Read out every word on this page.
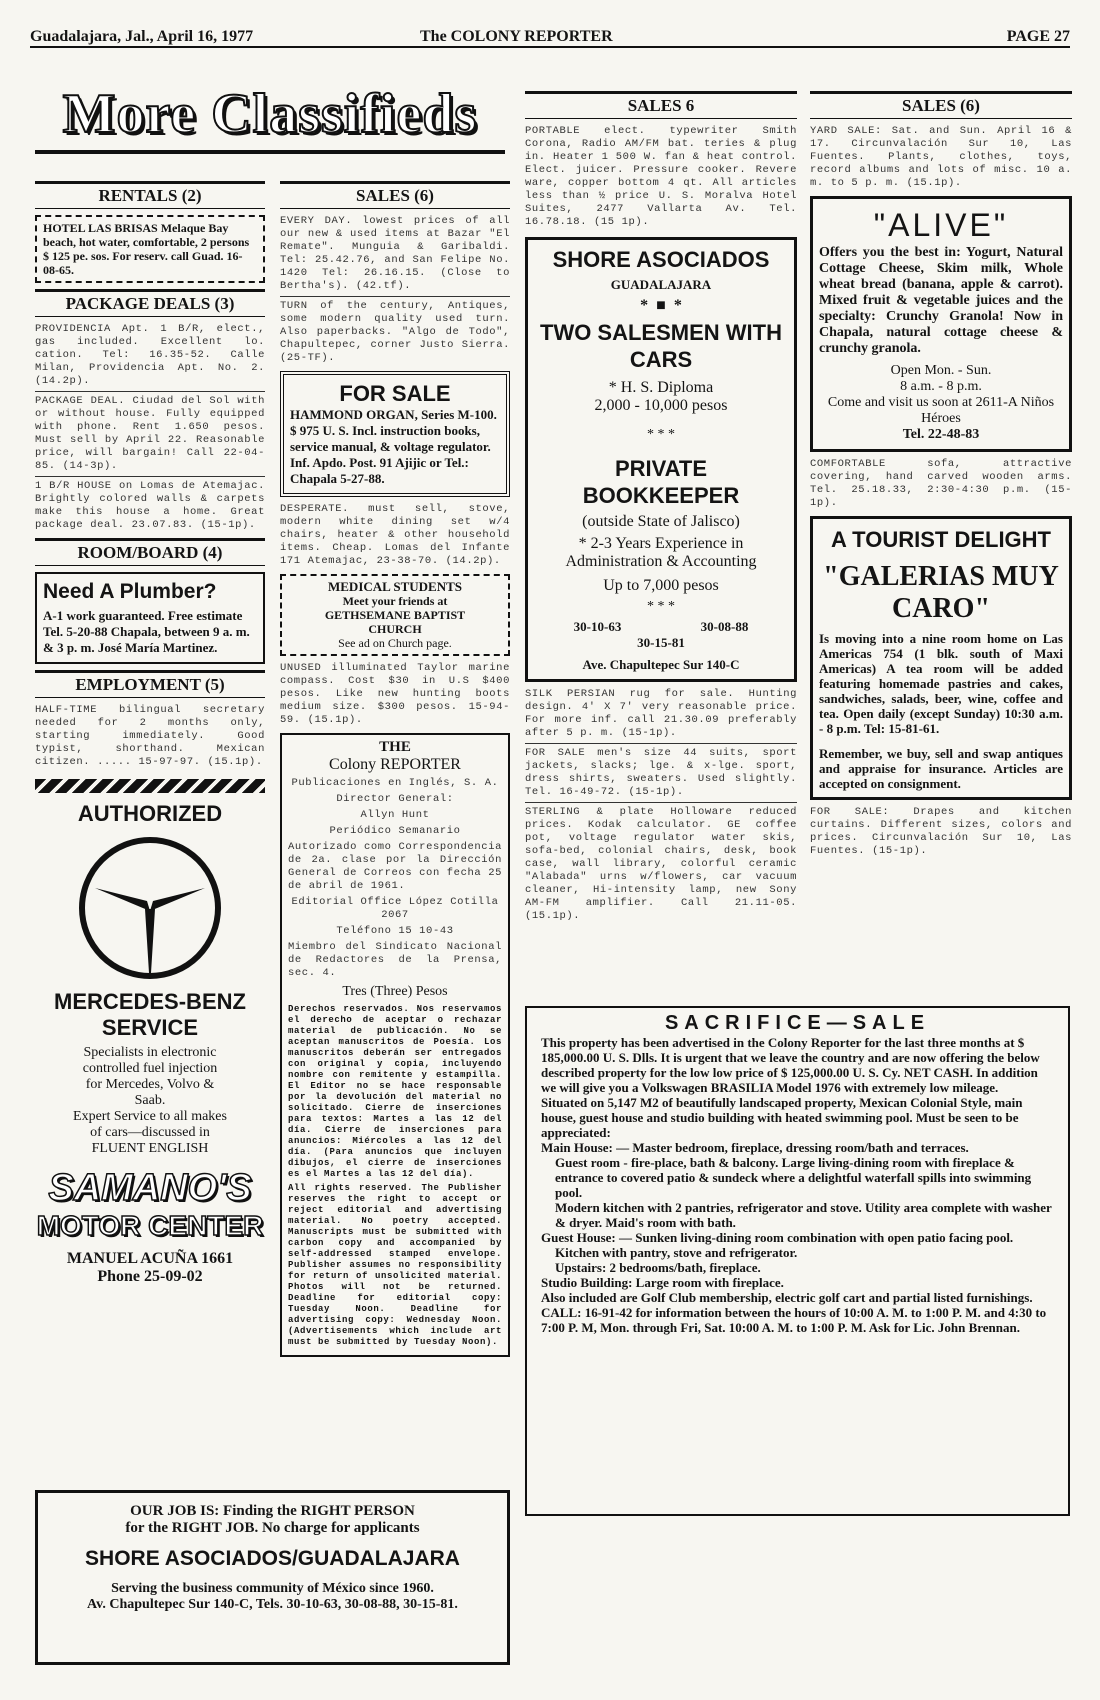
Guadalajara, Jal., April 16, 1977	The COLONY REPORTER	PAGE 27
More Classifieds
RENTALS (2)
HOTEL LAS BRISAS Melaque Bay beach, hot water, comfortable, 2 persons $ 125 pe. sos. For reserv. call Guad. 16-08-65.
PACKAGE DEALS (3)
PROVIDENCIA Apt. 1 B/R, elect., gas included. Excellent lo. cation. Tel: 16.35-52. Calle Milan, Providencia Apt. No. 2. (14.2p).
PACKAGE DEAL. Ciudad del Sol with or without house. Fully equipped with phone. Rent 1.650 pesos. Must sell by April 22. Reasonable price, will bargain! Call 22-04-85. (14-3p).
1 B/R HOUSE on Lomas de Atemajac. Brightly colored walls & carpets make this house a home. Great package deal. 23.07.83. (15-1p).
ROOM/BOARD (4)
Need A Plumber?
A-1 work guaranteed. Free estimate Tel. 5-20-88 Chapala, between 9 a. m. & 3 p. m. José María Martinez.
EMPLOYMENT (5)
HALF-TIME bilingual secretary needed for 2 months only, starting immediately. Good typist, shorthand. Mexican citizen. ..... 15-97-97. (15.1p).
AUTHORIZED
MERCEDES-BENZ
SERVICE
Specialists in electronic
controlled fuel injection
for Mercedes, Volvo &
Saab.
Expert Service to all makes
of cars—discussed in
FLUENT ENGLISH
SAMANO'S
MOTOR CENTER
MANUEL ACUÑA 1661
Phone 25-09-02
SALES (6)
EVERY DAY. lowest prices of all our new & used items at Bazar "El Remate". Munguia & Garibaldi. Tel: 25.42.76, and San Felipe No. 1420 Tel: 26.16.15. (Close to Bertha's). (42.tf).
TURN of the century, Antiques, some modern quality used turn. Also paperbacks. "Algo de Todo", Chapultepec, corner Justo Sierra. (25-TF).
FOR SALE
HAMMOND ORGAN, Series M-100. $ 975 U. S. Incl. instruction books, service manual, & voltage regulator. Inf. Apdo. Post. 91 Ajijic or Tel.: Chapala 5-27-88.
DESPERATE. must sell, stove, modern white dining set w/4 chairs, heater & other household items. Cheap. Lomas del Infante 171 Atemajac, 23-38-70. (14.2p).
MEDICAL STUDENTS
Meet your friends at
GETHSEMANE BAPTIST
CHURCH
See ad on Church page.
UNUSED illuminated Taylor marine compass. Cost $30 in U.S $400 pesos. Like new hunting boots medium size. $300 pesos. 15-94-59. (15.1p).
THE
Colony REPORTER
Publicaciones en Inglés, S. A.
Director General:
Allyn Hunt
Periódico Semanario
Autorizado como Correspondencia de 2a. clase por la Dirección General de Correos con fecha 25 de abril de 1961.
Editorial Office López Cotilla 2067
Teléfono 15 10-43
Miembro del Sindicato Nacional de Redactores de la Prensa, sec. 4.
Tres (Three) Pesos
Derechos reservados. Nos reservamos el derecho de aceptar o rechazar material de publicación. No se aceptan manuscritos de Poesía. Los manuscritos deberán ser entregados con original y copia, incluyendo nombre con remitente y estampilla. El Editor no se hace responsable por la devolución del material no solicitado. Cierre de inserciones para textos: Martes a las 12 del día. Cierre de inserciones para anuncios: Miércoles a las 12 del día. (Para anuncios que incluyen dibujos, el cierre de inserciones es el Martes a las 12 del día).
All rights reserved. The Publisher reserves the right to accept or reject editorial and advertising material. No poetry accepted. Manuscripts must be submitted with carbon copy and accompanied by self-addressed stamped envelope. Publisher assumes no responsibility for return of unsolicited material. Photos will not be returned. Deadline for editorial copy: Tuesday Noon. Deadline for advertising copy: Wednesday Noon. (Advertisements which include art must be submitted by Tuesday Noon).
SALES 6
PORTABLE elect. typewriter Smith Corona, Radio AM/FM bat. teries & plug in. Heater 1 500 W. fan & heat control. Elect. juicer. Pressure cooker. Revere ware, copper bottom 4 qt. All articles less than ½ price U. S. Moralva Hotel Suites, 2477 Vallarta Av. Tel. 16.78.18. (15 1p).
SHORE ASOCIADOS
GUADALAJARA
*  ■  *
TWO SALESMEN WITH CARS
* H. S. Diploma
2,000 - 10,000 pesos
* * *
PRIVATE BOOKKEEPER
(outside State of Jalisco)
* 2-3 Years Experience in Administration & Accounting
Up to 7,000 pesos
* * *
30-10-63	30-08-88
30-15-81
Ave. Chapultepec Sur 140-C
SILK PERSIAN rug for sale. Hunting design. 4' X 7' very reasonable price. For more inf. call 21.30.09 preferably after 5 p. m. (15-1p).
FOR SALE men's size 44 suits, sport jackets, slacks; lge. & x-lge. sport, dress shirts, sweaters. Used slightly. Tel. 16-49-72. (15-1p).
STERLING & plate Holloware reduced prices. Kodak calculator. GE coffee pot, voltage regulator water skis, sofa-bed, colonial chairs, desk, book case, wall library, colorful ceramic "Alabada" urns w/flowers, car vacuum cleaner, Hi-intensity lamp, new Sony AM-FM amplifier. Call 21.11-05. (15.1p).
SALES (6)
YARD SALE: Sat. and Sun. April 16 & 17. Circunvalación Sur 10, Las Fuentes. Plants, clothes, toys, record albums and lots of misc. 10 a. m. to 5 p. m. (15.1p).
"ALIVE"
Offers you the best in: Yogurt, Natural Cottage Cheese, Skim milk, Whole wheat bread (banana, apple & carrot). Mixed fruit & vegetable juices and the specialty: Crunchy Granola! Now in Chapala, natural cottage cheese & crunchy granola.
Open Mon. - Sun.
8 a.m. - 8 p.m.
Come and visit us soon at 2611-A Niños Héroes
Tel. 22-48-83
COMFORTABLE sofa, attractive covering, hand carved wooden arms. Tel. 25.18.33, 2:30-4:30 p.m. (15-1p).
A TOURIST DELIGHT
"GALERIAS MUY CARO"
Is moving into a nine room home on Las Americas 754 (1 blk. south of Maxi Americas) A tea room will be added featuring homemade pastries and cakes, sandwiches, salads, beer, wine, coffee and tea. Open daily (except Sunday) 10:30 a.m. - 8 p.m. Tel: 15-81-61.
Remember, we buy, sell and swap antiques and appraise for insurance. Articles are accepted on consignment.
FOR SALE: Drapes and kitchen curtains. Different sizes, colors and prices. Circunvalación Sur 10, Las Fuentes. (15-1p).
SACRIFICE—SALE

This property has been advertised in the Colony Reporter for the last three months at $ 185,000.00 U. S. Dlls. It is urgent that we leave the country and are now offering the below described property for the low low price of $ 125,000.00 U. S. Cy. NET CASH. In addition we will give you a Volkswagen BRASILIA Model 1976 with extremely low mileage.

Situated on 5,147 M2 of beautifully landscaped property, Mexican Colonial Style, main house, guest house and studio building with heated swimming pool. Must be seen to be appreciated:

Main House: — Master bedroom, fireplace, dressing room/bath and terraces.

Guest room - fire-place, bath & balcony. Large living-dining room with fireplace & entrance to covered patio & sundeck where a delightful waterfall spills into swimming pool.

Modern kitchen with 2 pantries, refrigerator and stove. Utility area complete with washer & dryer. Maid's room with bath.

Guest House: — Sunken living-dining room combination with open patio facing pool.

Kitchen with pantry, stove and refrigerator.

Upstairs: 2 bedrooms/bath, fireplace.

Studio Building: Large room with fireplace.

Also included are Golf Club membership, electric golf cart and partial listed furnishings.

CALL: 16-91-42 for information between the hours of 10:00 A. M. to 1:00 P. M. and 4:30 to 7:00 P. M, Mon. through Fri, Sat. 10:00 A. M. to 1:00 P. M. Ask for Lic. John Brennan.

OUR JOB IS: Finding the RIGHT PERSON
for the RIGHT JOB. No charge for applicants
SHORE ASOCIADOS/GUADALAJARA
Serving the business community of México since 1960.
Av. Chapultepec Sur 140-C, Tels. 30-10-63, 30-08-88, 30-15-81.
